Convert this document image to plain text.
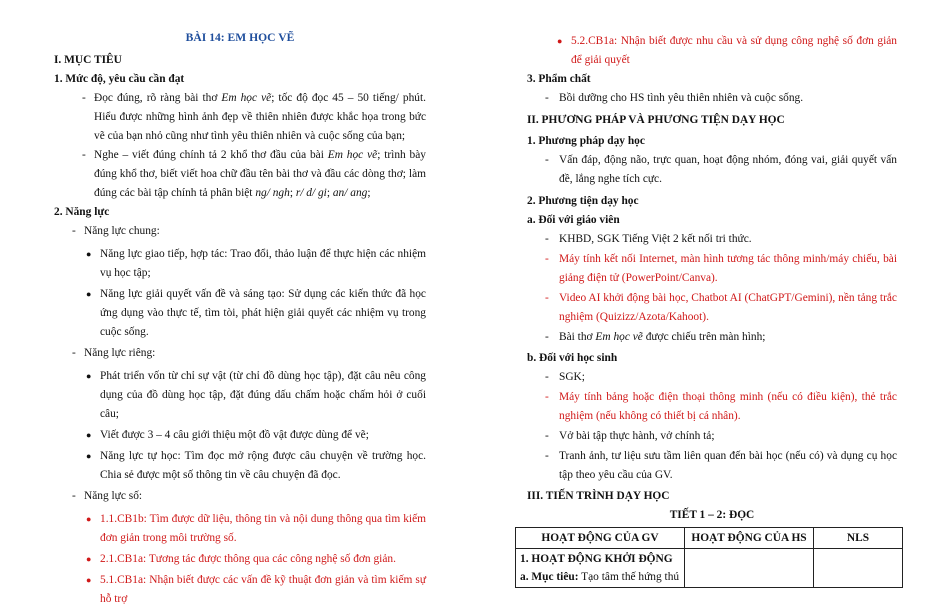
BÀI 14: EM HỌC VẼ

I. MỤC TIÊU

1. Mức độ, yêu cầu cần đạt

- Đọc đúng, rõ ràng bài thơ Em học vẽ; tốc độ đọc 45 – 50 tiếng/ phút. Hiểu được những hình ảnh đẹp về thiên nhiên được khắc họa trong bức vẽ của bạn nhỏ cũng như tình yêu thiên nhiên và cuộc sống của bạn;
- Nghe – viết đúng chính tả 2 khổ thơ đầu của bài Em học vẽ; trình bày đúng khổ thơ, biết viết hoa chữ đầu tên bài thơ và đầu các dòng thơ; làm đúng các bài tập chính tả phân biệt ng/ ngh; r/ d/ gi; an/ ang;

2. Năng lực

- Năng lực chung:
● Năng lực giao tiếp, hợp tác: Trao đổi, thảo luận để thực hiện các nhiệm vụ học tập;
● Năng lực giải quyết vấn đề và sáng tạo: Sử dụng các kiến thức đã học ứng dụng vào thực tế, tìm tòi, phát hiện giải quyết các nhiệm vụ trong cuộc sống.
- Năng lực riêng:
● Phát triển vốn từ chỉ sự vật (từ chỉ đồ dùng học tập), đặt câu nêu công dụng của đồ dùng học tập, đặt đúng dấu chấm hoặc chấm hỏi ở cuối câu;
● Viết được 3 – 4 câu giới thiệu một đồ vật được dùng để vẽ;
● Năng lực tự học: Tìm đọc mở rộng được câu chuyện về trường học. Chia sẻ được một số thông tin về câu chuyện đã đọc.
- Năng lực số:
● 1.1.CB1b: Tìm được dữ liệu, thông tin và nội dung thông qua tìm kiếm đơn giản trong môi trường số.
● 2.1.CB1a: Tương tác được thông qua các công nghệ số đơn giản.
● 5.1.CB1a: Nhận biết được các vấn đề kỹ thuật đơn giản và tìm kiếm sự hỗ trợ
● 5.2.CB1a: Nhận biết được nhu cầu và sử dụng công nghệ số đơn giản để giải quyết

3. Phẩm chất

- Bồi dưỡng cho HS tình yêu thiên nhiên và cuộc sống.

II. PHƯƠNG PHÁP VÀ PHƯƠNG TIỆN DẠY HỌC

1. Phương pháp dạy học

- Vấn đáp, động não, trực quan, hoạt động nhóm, đóng vai, giải quyết vấn đề, lắng nghe tích cực.

2. Phương tiện dạy học

a. Đối với giáo viên

- KHBD, SGK Tiếng Việt 2 kết nối tri thức.
- Máy tính kết nối Internet, màn hình tương tác thông minh/máy chiếu, bài giảng điện tử (PowerPoint/Canva).
- Video AI khởi động bài học, Chatbot AI (ChatGPT/Gemini), nền tảng trắc nghiệm (Quizizz/Azota/Kahoot).
- Bài thơ Em học vẽ được chiếu trên màn hình;

b. Đối với học sinh

- SGK;
- Máy tính bảng hoặc điện thoại thông minh (nếu có điều kiện), thẻ trắc nghiệm (nếu không có thiết bị cá nhân).
- Vở bài tập thực hành, vở chính tả;
- Tranh ảnh, tư liệu sưu tầm liên quan đến bài học (nếu có) và dụng cụ học tập theo yêu cầu của GV.

III. TIẾN TRÌNH DẠY HỌC

TIẾT 1 – 2: ĐỌC

HOẠT ĐỘNG CỦA GV	HOẠT ĐỘNG CỦA HS	NLS

1. HOẠT ĐỘNG KHỞI ĐỘNG
a. Mục tiêu: Tạo tâm thế hứng thú		
